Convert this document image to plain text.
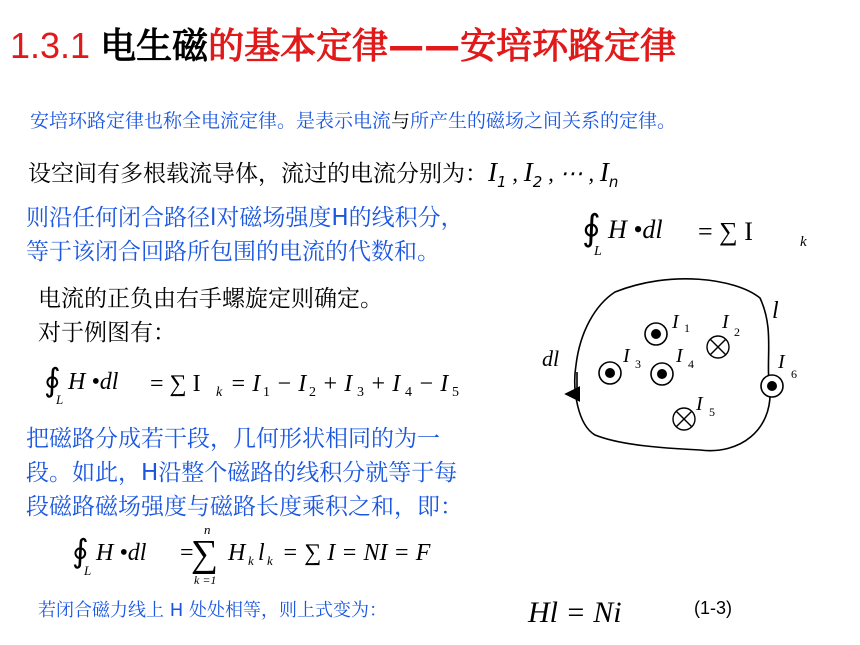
1.3.1 电生磁的基本定律——安培环路定律
安培环路定律也称全电流定律。是表示电流与所产生的磁场之间关系的定律。
设空间有多根载流导体，流过的电流分别为：$I_1$ , $I_2$ , ⋯ , $I_n$
则沿任何闭合路径l对磁场强度H的线积分，
等于该闭合回路所包围的电流的代数和。
电流的正负由右手螺旋定则确定。
对于例图有：
把磁路分成若干段，几何形状相同的为一
段。如此，H沿整个磁路的线积分就等于每
段磁路磁场强度与磁路长度乘积之和，即：
若闭合磁力线上 H 处处相等，则上式变为：	(1-3)
∮
L
H •dl = ∑ I	k
∮
L
H •dl = ∑ I k = I 1 − I 2 + I 3 + I 4 − I 5
∮
L
H •dl =
n
∑
k =1
H k l k = ∑ I = NI = F
Hl = Ni
l
dl
I 1 I 2
I 3 I 4
I 5
I
6
